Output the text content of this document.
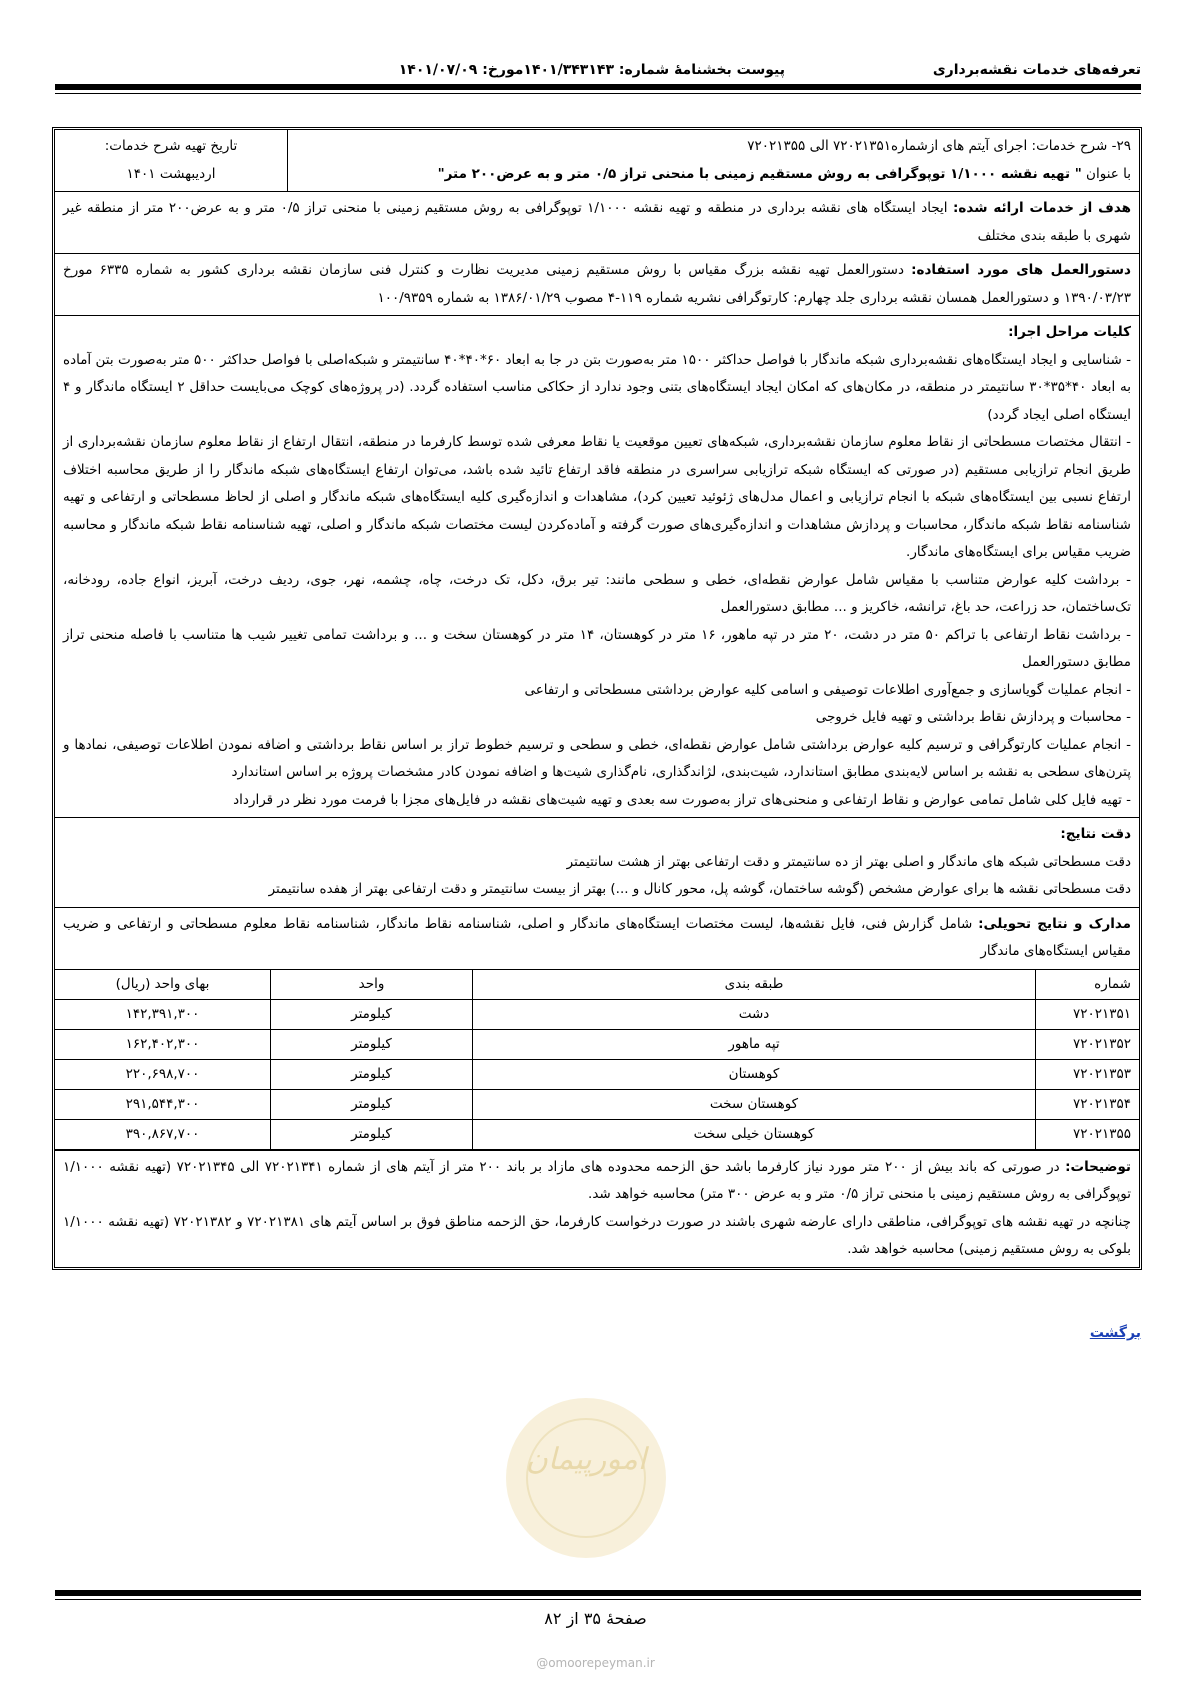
تعرفه‌های خدمات نقشه‌برداری
پیوست بخشنامهٔ شماره: ۱۴۰۱/۳۴۳۱۴۳مورخ: ۱۴۰۱/۰۷/۰۹
۲۹- شرح خدمات: اجرای آیتم های ازشماره۷۲۰۲۱۳۵۱ الی ۷۲۰۲۱۳۵۵
با عنوان " تهیه نقشه ۱/۱۰۰۰ توپوگرافی به روش مستقیم زمینی با منحنی تراز ۰/۵ متر و به عرض۲۰۰ متر"
تاریخ تهیه شرح خدمات:
اردیبهشت ۱۴۰۱
هدف از خدمات ارائه شده: ایجاد ایستگاه های نقشه برداری در منطقه و تهیه نقشه ۱/۱۰۰۰ توپوگرافی به روش مستقیم زمینی با منحنی تراز ۰/۵ متر و به عرض۲۰۰ متر از منطقه غیر شهری با طبقه بندی مختلف
دستورالعمل های مورد استفاده: دستورالعمل تهیه نقشه بزرگ مقیاس با روش مستقیم زمینی مدیریت نظارت و کنترل فنی سازمان نقشه برداری کشور به شماره ۶۳۳۵ مورخ ۱۳۹۰/۰۳/۲۳ و دستورالعمل همسان نقشه برداری جلد چهارم: کارتوگرافی نشریه شماره ۱۱۹-۴ مصوب ۱۳۸۶/۰۱/۲۹ به شماره ۱۰۰/۹۳۵۹
کلیات مراحل اجرا:
- شناسایی و ایجاد ایستگاه‌های نقشه‌برداری شبکه ماندگار با فواصل حداکثر ۱۵۰۰ متر به‌صورت بتن در جا به ابعاد ۶۰*۴۰*۴۰ سانتیمتر و شبکه‌اصلی با فواصل حداکثر ۵۰۰ متر به‌صورت بتن آماده به ابعاد ۴۰*۳۵*۳۰ سانتیمتر در منطقه، در مکان‌های که امکان ایجاد ایستگاه‌های بتنی وجود ندارد از حکاکی مناسب استفاده گردد. (در پروژه‌های کوچک می‌بایست حداقل ۲ ایستگاه ماندگار و ۴ ایستگاه اصلی ایجاد گردد)
- انتقال مختصات مسطحاتی از نقاط معلوم سازمان نقشه‌برداری، شبکه‌های تعیین موقعیت یا نقاط معرفی شده توسط کارفرما در منطقه، انتقال ارتفاع از نقاط معلوم سازمان نقشه‌برداری از طریق انجام ترازیابی مستقیم (در صورتی که ایستگاه شبکه ترازیابی سراسری در منطقه فاقد ارتفاع تائید شده باشد، می‌توان ارتفاع ایستگاه‌های شبکه ماندگار را از طریق محاسبه اختلاف ارتفاع نسبی بین ایستگاه‌های شبکه با انجام ترازیابی و اعمال مدل‌های ژئوئید تعیین کرد)، مشاهدات و اندازه‌گیری کلیه ایستگاه‌های شبکه ماندگار و اصلی از لحاظ مسطحاتی و ارتفاعی و تهیه شناسنامه نقاط شبکه ماندگار، محاسبات و پردازش مشاهدات و اندازه‌گیری‌های صورت گرفته و آماده‌کردن لیست مختصات شبکه ماندگار و اصلی، تهیه شناسنامه نقاط شبکه ماندگار و محاسبه ضریب مقیاس برای ایستگاه‌های ماندگار.
- برداشت کلیه عوارض متناسب با مقیاس شامل عوارض نقطه‌ای، خطی و سطحی مانند: تیر برق، دکل، تک درخت، چاه، چشمه، نهر، جوی، ردیف درخت، آبریز، انواع جاده، رودخانه، تک‌ساختمان، حد زراعت، حد باغ، ترانشه، خاکریز و ... مطابق دستورالعمل
- برداشت نقاط ارتفاعی با تراکم ۵۰ متر در دشت، ۲۰ متر در تپه ماهور، ۱۶ متر در کوهستان، ۱۴ متر در کوهستان سخت و ... و برداشت تمامی تغییر شیب ها متناسب با فاصله منحنی تراز مطابق دستورالعمل
- انجام عملیات گویاسازی و جمع‌آوری اطلاعات توصیفی و اسامی کلیه عوارض برداشتی مسطحاتی و ارتفاعی
- محاسبات و پردازش نقاط برداشتی و تهیه فایل خروجی
- انجام عملیات کارتوگرافی و ترسیم کلیه عوارض برداشتی شامل عوارض نقطه‌ای، خطی و سطحی و ترسیم خطوط تراز بر اساس نقاط برداشتی و اضافه نمودن اطلاعات توصیفی، نمادها و پترن‌های سطحی به نقشه بر اساس لایه‌بندی مطابق استاندارد، شیت‌بندی، لژاندگذاری، نام‌گذاری شیت‌ها و اضافه نمودن کادر مشخصات پروژه بر اساس استاندارد
- تهیه فایل کلی شامل تمامی عوارض و نقاط ارتفاعی و منحنی‌های تراز به‌صورت سه بعدی و تهیه شیت‌های نقشه در فایل‌های مجزا با فرمت مورد نظر در قرارداد
دقت نتایج:
دقت مسطحاتی شبکه های ماندگار و اصلی بهتر از ده سانتیمتر و دقت ارتفاعی بهتر از هشت سانتیمتر
دقت مسطحاتی نقشه ها برای عوارض مشخص (گوشه ساختمان، گوشه پل، محور کانال و ...) بهتر از بیست سانتیمتر و دقت ارتفاعی بهتر از هفده سانتیمتر
مدارک و نتایج تحویلی: شامل گزارش فنی، فایل نقشه‌ها، لیست مختصات ایستگاه‌های ماندگار و اصلی، شناسنامه نقاط ماندگار، شناسنامه نقاط معلوم مسطحاتی و ارتفاعی و ضریب مقیاس ایستگاه‌های ماندگار
شماره	طبقه بندی	واحد	بهای واحد (ریال)
۷۲۰۲۱۳۵۱	دشت	کیلومتر	۱۴۲,۳۹۱,۳۰۰
۷۲۰۲۱۳۵۲	تپه ماهور	کیلومتر	۱۶۲,۴۰۲,۳۰۰
۷۲۰۲۱۳۵۳	کوهستان	کیلومتر	۲۲۰,۶۹۸,۷۰۰
۷۲۰۲۱۳۵۴	کوهستان سخت	کیلومتر	۲۹۱,۵۴۴,۳۰۰
۷۲۰۲۱۳۵۵	کوهستان خیلی سخت	کیلومتر	۳۹۰,۸۶۷,۷۰۰
توضیحات: در صورتی که باند بیش از ۲۰۰ متر مورد نیاز کارفرما باشد حق الزحمه محدوده های مازاد بر باند ۲۰۰ متر از آیتم های از شماره ۷۲۰۲۱۳۴۱ الی ۷۲۰۲۱۳۴۵ (تهیه نقشه ۱/۱۰۰۰ توپوگرافی به روش مستقیم زمینی با منحنی تراز ۰/۵ متر و به عرض ۳۰۰ متر) محاسبه خواهد شد.
چنانچه در تهیه نقشه های توپوگرافی، مناطقی دارای عارضه شهری باشند در صورت درخواست کارفرما، حق الزحمه مناطق فوق بر اساس آیتم های ۷۲۰۲۱۳۸۱ و ۷۲۰۲۱۳۸۲ (تهیه نقشه ۱/۱۰۰۰ بلوکی به روش مستقیم زمینی) محاسبه خواهد شد.
برگشت
امورپیمان
صفحهٔ ۳۵ از ۸۲
@omoorepeyman.ir
